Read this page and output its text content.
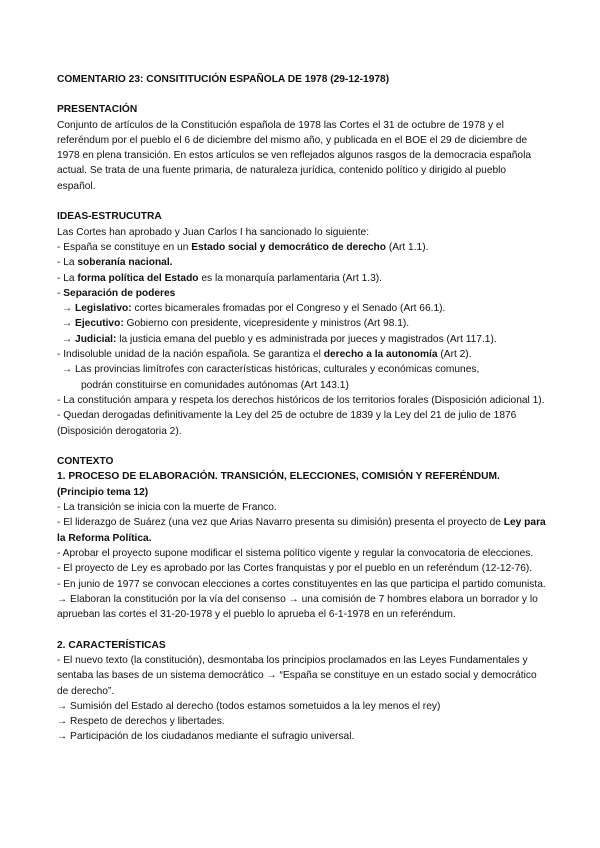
COMENTARIO 23: CONSITITUCIÓN ESPAÑOLA DE 1978 (29-12-1978)

PRESENTACIÓN

Conjunto de artículos de la Constitución española de 1978 las Cortes el 31 de octubre de 1978 y el referéndum por el pueblo el 6 de diciembre del mismo año, y publicada en el BOE el 29 de diciembre de 1978 en plena transición. En estos artículos se ven reflejados algunos rasgos de la democracia española actual. Se trata de una fuente primaria, de naturaleza jurídica, contenido político y dirigido al pueblo español.

IDEAS-ESTRUCUTRA

Las Cortes han aprobado y Juan Carlos I ha sancionado lo siguiente:

- España se constituye en un Estado social y democrático de derecho (Art 1.1).

- La soberanía nacional.

- La forma política del Estado es la monarquía parlamentaria (Art 1.3).

- Separación de poderes

→ Legislativo: cortes bicamerales fromadas por el Congreso y el Senado (Art 66.1).

→ Ejecutivo: Gobierno con presidente, vicepresidente y ministros (Art 98.1).

→ Judicial: la justicia emana del pueblo y es administrada por jueces y magistrados (Art 117.1).

- Indisoluble unidad de la nación española. Se garantiza el derecho a la autonomía (Art 2).

→ Las provincias limítrofes con características históricas, culturales y económicas comunes,

podrán constituirse en comunidades autónomas (Art 143.1)

- La constitución ampara y respeta los derechos históricos de los territorios forales (Disposición adicional 1).

- Quedan derogadas definitivamente la Ley del 25 de octubre de 1839 y la Ley del 21 de julio de 1876 (Disposición derogatoria 2).

CONTEXTO

1. PROCESO DE ELABORACIÓN. TRANSICIÓN, ELECCIONES, COMISIÓN Y REFERÉNDUM.

(Principio tema 12)

- La transición se inicia con la muerte de Franco.

- El liderazgo de Suárez (una vez que Arias Navarro presenta su dimisión) presenta el proyecto de Ley para la Reforma Política.

- Aprobar el proyecto supone modificar el sistema político vigente y regular la convocatoria de elecciones.

- El proyecto de Ley es aprobado por las Cortes franquistas y por el pueblo en un referéndum (12-12-76).

- En junio de 1977 se convocan elecciones a cortes constituyentes en las que participa el partido comunista. → Elaboran la constitución por la vía del consenso → una comisión de 7 hombres elabora un borrador y lo aprueban las cortes el 31-20-1978 y el pueblo lo aprueba el 6-1-1978 en un referéndum.

2. CARACTERÍSTICAS

- El nuevo texto (la constitución), desmontaba los principios proclamados en las Leyes Fundamentales y sentaba las bases de un sistema democrático → “España se constituye en un estado social y democrático de derecho”.

→ Sumisión del Estado al derecho (todos estamos sometuidos a la ley menos el rey)

→ Respeto de derechos y libertades.

→ Participación de los ciudadanos mediante el sufragio universal.
